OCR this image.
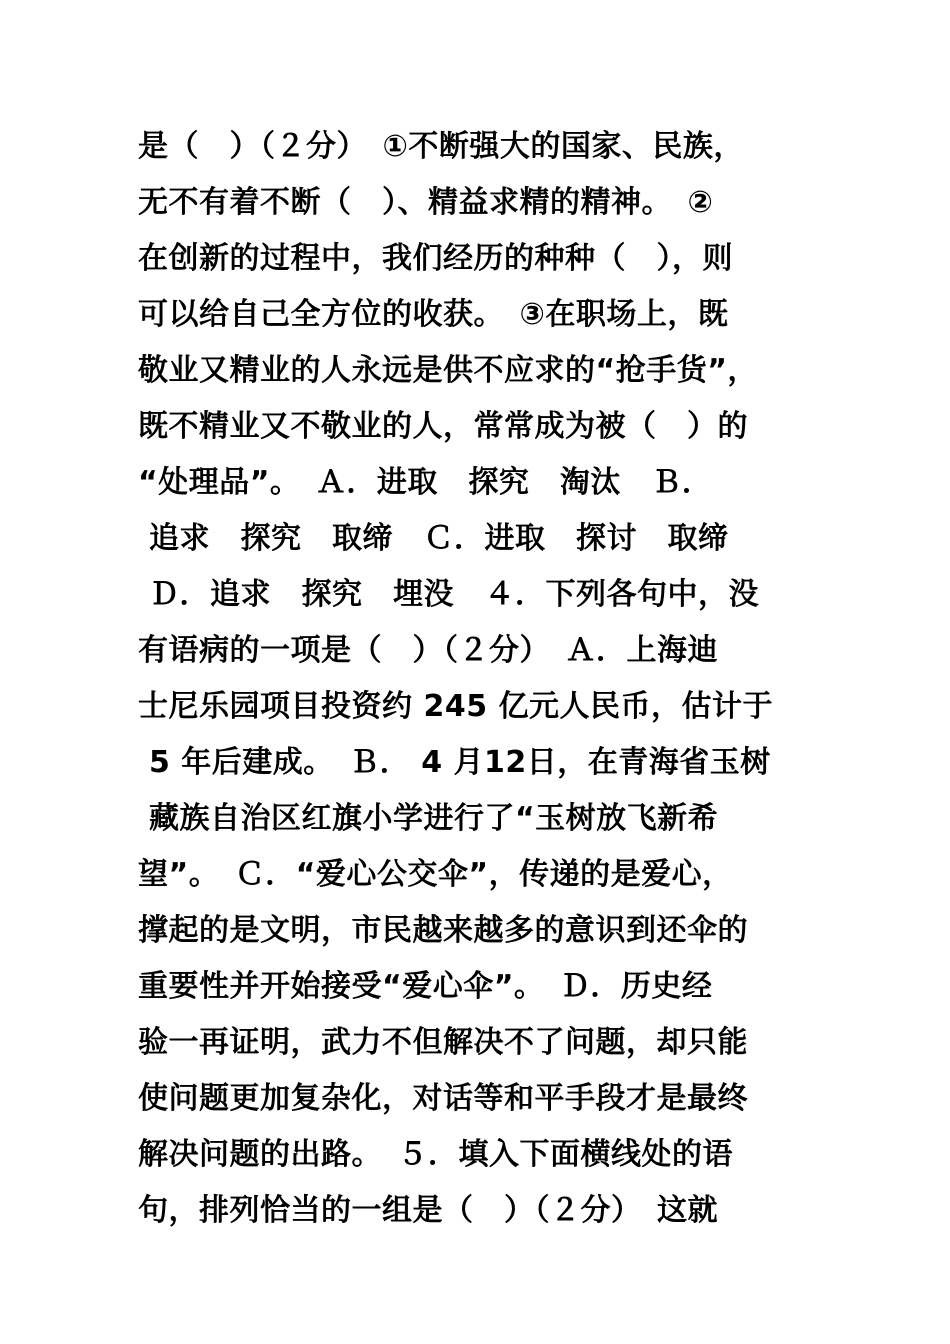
是（　）（２分）　①不断强大的国家、民族，
无不有着不断（　）、精益求精的精神。　②
在创新的过程中，我们经历的种种（　），则
可以给自己全方位的收获。　③在职场上，既
敬业又精业的人永远是供不应求的“抢手货”，
既不精业又不敬业的人，常常成为被（　）的
“处理品”。　Ａ．进取　探究　淘汰　Ｂ．
追求　探究　取缔　Ｃ．进取　探讨　取缔
Ｄ．追求　探究　埋没　４．下列各句中，没
有语病的一项是（　）（２分）　Ａ．上海迪
士尼乐园项目投资约 245 亿元人民币，估计于
5 年后建成。　Ｂ． 4 月12日，在青海省玉树
藏族自治区红旗小学进行了“玉树放飞新希
望”。　Ｃ．“爱心公交伞”，传递的是爱心，
撑起的是文明，市民越来越多的意识到还伞的
重要性并开始接受“爱心伞”。　Ｄ．历史经
验一再证明，武力不但解决不了问题，却只能
使问题更加复杂化，对话等和平手段才是最终
解决问题的出路。　５．填入下面横线处的语
句，排列恰当的一组是（　）（２分）　这就
